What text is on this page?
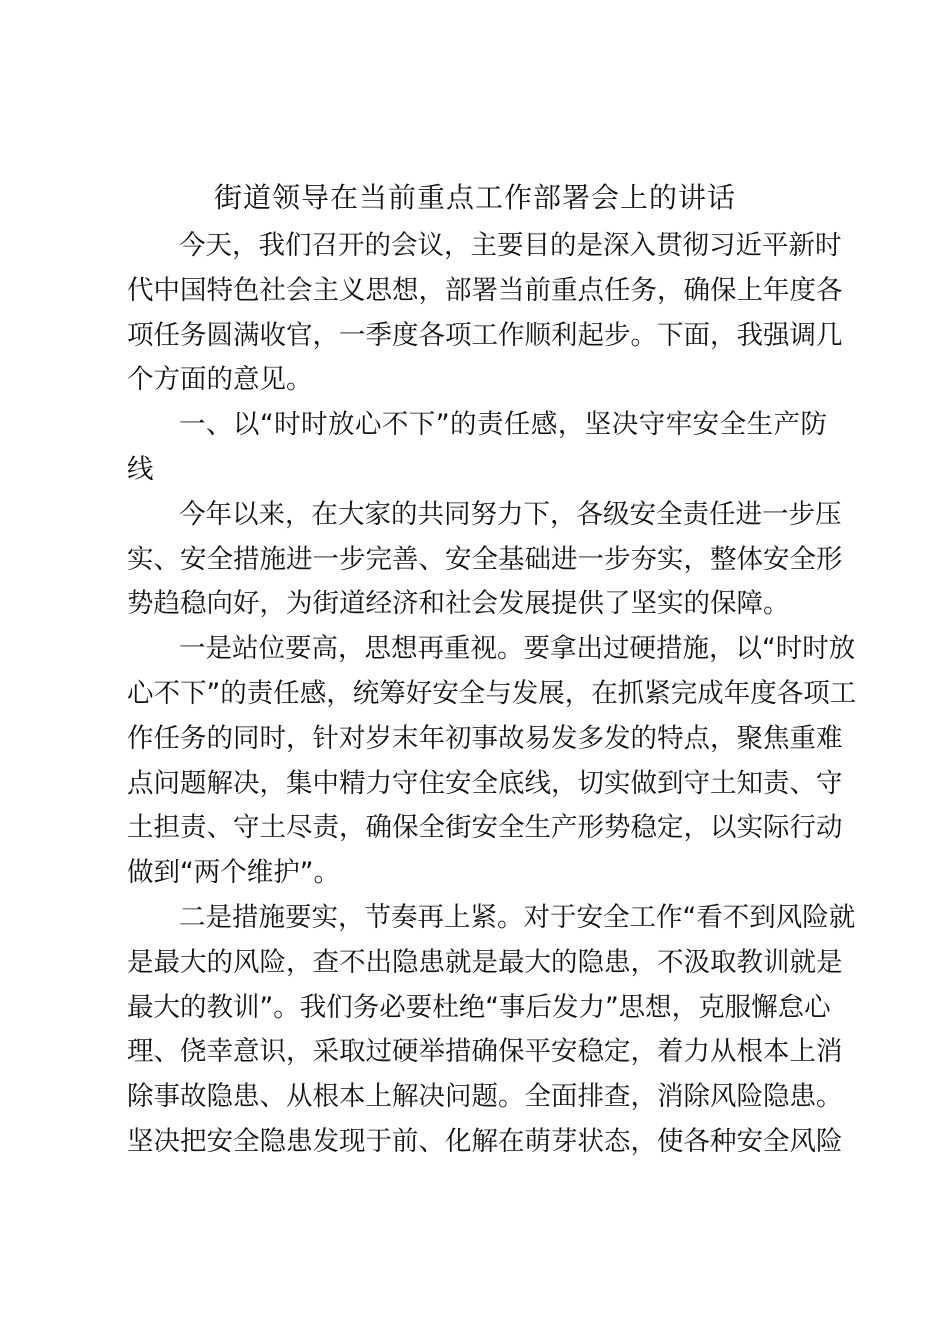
街道领导在当前重点工作部署会上的讲话
今天，我们召开的会议，主要目的是深入贯彻习近平新时
代中国特色社会主义思想，部署当前重点任务，确保上年度各
项任务圆满收官，一季度各项工作顺利起步。下面，我强调几
个方面的意见。
一、以“时时放心不下”的责任感，坚决守牢安全生产防
线
今年以来，在大家的共同努力下，各级安全责任进一步压
实、安全措施进一步完善、安全基础进一步夯实，整体安全形
势趋稳向好，为街道经济和社会发展提供了坚实的保障。
一是站位要高，思想再重视。要拿出过硬措施，以“时时放
心不下”的责任感，统筹好安全与发展，在抓紧完成年度各项工
作任务的同时，针对岁末年初事故易发多发的特点，聚焦重难
点问题解决，集中精力守住安全底线，切实做到守土知责、守
土担责、守土尽责，确保全街安全生产形势稳定，以实际行动
做到“两个维护”。
二是措施要实，节奏再上紧。对于安全工作“看不到风险就
是最大的风险，查不出隐患就是最大的隐患，不汲取教训就是
最大的教训”。我们务必要杜绝“事后发力”思想，克服懈怠心
理、侥幸意识，采取过硬举措确保平安稳定，着力从根本上消
除事故隐患、从根本上解决问题。全面排查，消除风险隐患。
坚决把安全隐患发现于前、化解在萌芽状态，使各种安全风险
